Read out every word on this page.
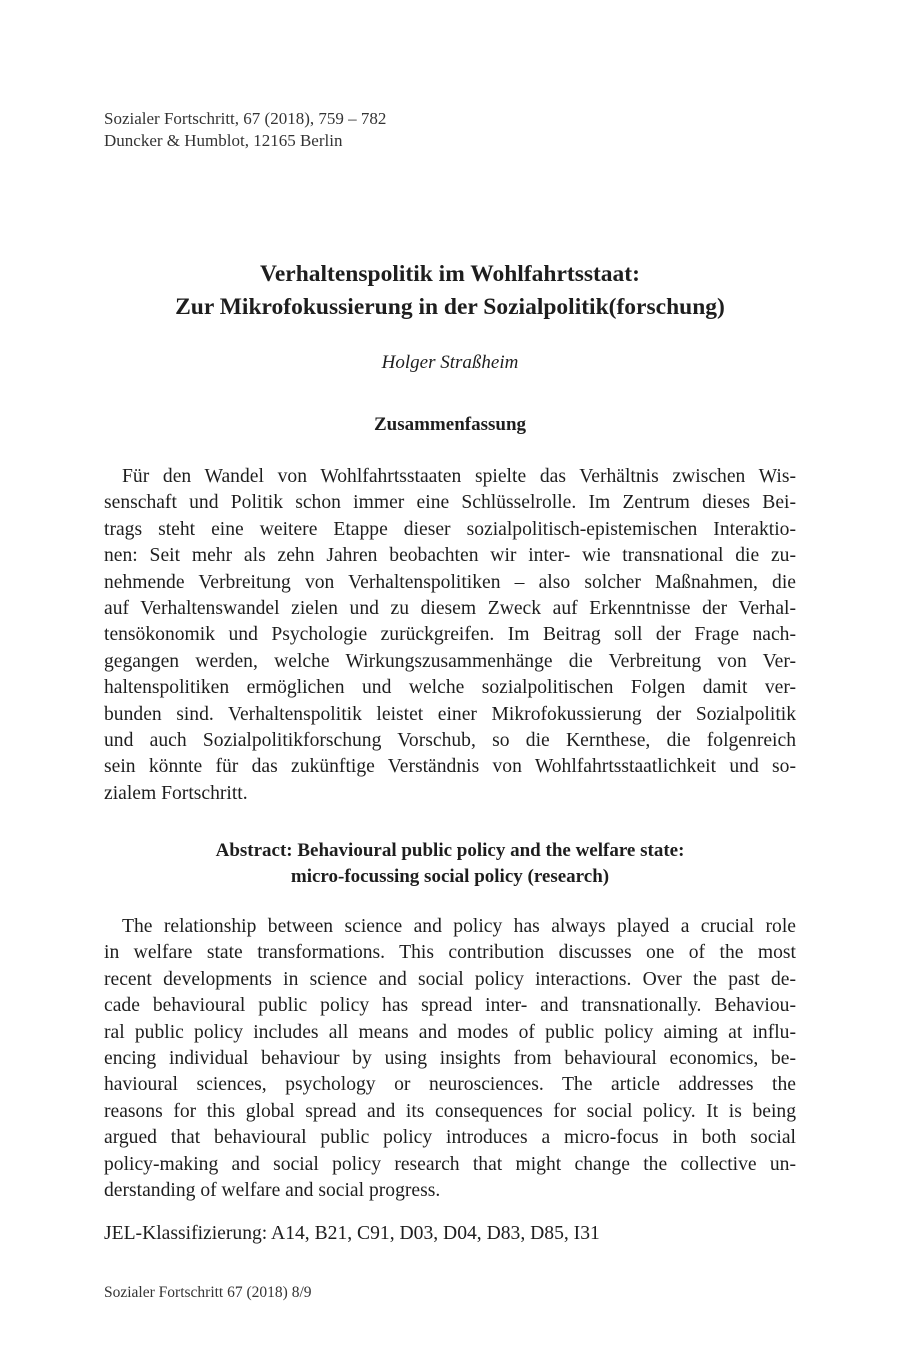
Sozialer Fortschritt, 67 (2018), 759 – 782
Duncker & Humblot, 12165 Berlin
Verhaltenspolitik im Wohlfahrtsstaat:
Zur Mikrofokussierung in der Sozialpolitik(forschung)
Holger Straßheim
Zusammenfassung
Für den Wandel von Wohlfahrtsstaaten spielte das Verhältnis zwischen Wis-
senschaft und Politik schon immer eine Schlüsselrolle. Im Zentrum dieses Bei-
trags steht eine weitere Etappe dieser sozialpolitisch-epistemischen Interaktio-
nen: Seit mehr als zehn Jahren beobachten wir inter- wie transnational die zu-
nehmende Verbreitung von Verhaltenspolitiken – also solcher Maßnahmen, die
auf Verhaltenswandel zielen und zu diesem Zweck auf Erkenntnisse der Verhal-
tensökonomik und Psychologie zurückgreifen. Im Beitrag soll der Frage nach-
gegangen werden, welche Wirkungszusammenhänge die Verbreitung von Ver-
haltenspolitiken ermöglichen und welche sozialpolitischen Folgen damit ver-
bunden sind. Verhaltenspolitik leistet einer Mikrofokussierung der Sozialpolitik
und auch Sozialpolitikforschung Vorschub, so die Kernthese, die folgenreich
sein könnte für das zukünftige Verständnis von Wohlfahrtsstaatlichkeit und so-
zialem Fortschritt.
Abstract: Behavioural public policy and the welfare state:
micro-focussing social policy (research)
The relationship between science and policy has always played a crucial role
in welfare state transformations. This contribution discusses one of the most
recent developments in science and social policy interactions. Over the past de-
cade behavioural public policy has spread inter- and transnationally. Behaviou-
ral public policy includes all means and modes of public policy aiming at influ-
encing individual behaviour by using insights from behavioural economics, be-
havioural sciences, psychology or neurosciences. The article addresses the
reasons for this global spread and its consequences for social policy. It is being
argued that behavioural public policy introduces a micro-focus in both social
policy-making and social policy research that might change the collective un-
derstanding of welfare and social progress.
JEL-Klassifizierung: A14, B21, C91, D03, D04, D83, D85, I31
Sozialer Fortschritt 67 (2018) 8/9
